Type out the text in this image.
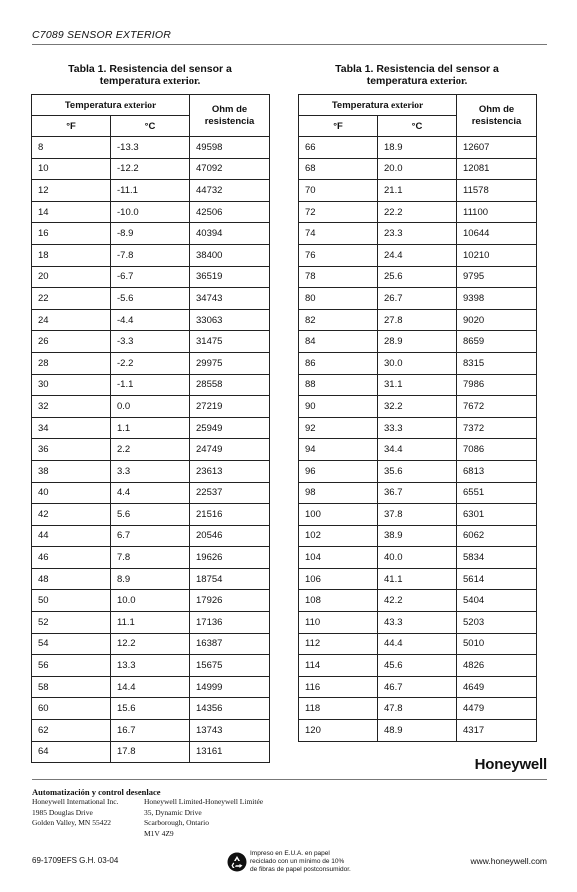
C7089 SENSOR EXTERIOR
Tabla 1. Resistencia del sensor a
temperatura exterior.
Temperatura exterior		Ohm de
resistencia

°F	°C	
8	-13.3	49598
10	-12.2	47092
12	-11.1	44732
14	-10.0	42506
16	-8.9	40394
18	-7.8	38400
20	-6.7	36519
22	-5.6	34743
24	-4.4	33063
26	-3.3	31475
28	-2.2	29975
30	-1.1	28558
32	0.0	27219
34	1.1	25949
36	2.2	24749
38	3.3	23613
40	4.4	22537
42	5.6	21516
44	6.7	20546
46	7.8	19626
48	8.9	18754
50	10.0	17926
52	11.1	17136
54	12.2	16387
56	13.3	15675
58	14.4	14999
60	15.6	14356
62	16.7	13743
64	17.8	13161
Tabla 1. Resistencia del sensor a
temperatura exterior.
Temperatura exterior		Ohm de
resistencia

°F	°C	
66	18.9	12607
68	20.0	12081
70	21.1	11578
72	22.2	11100
74	23.3	10644
76	24.4	10210
78	25.6	9795
80	26.7	9398
82	27.8	9020
84	28.9	8659
86	30.0	8315
88	31.1	7986
90	32.2	7672
92	33.3	7372
94	34.4	7086
96	35.6	6813
98	36.7	6551
100	37.8	6301
102	38.9	6062
104	40.0	5834
106	41.1	5614
108	42.2	5404
110	43.3	5203
112	44.4	5010
114	45.6	4826
116	46.7	4649
118	47.8	4479
120	48.9	4317
Honeywell
Automatización y control desenlace
Honeywell International Inc.
1985 Douglas Drive
Golden Valley, MN 55422
Honeywell Limited-Honeywell Limitée
35, Dynamic Drive
Scarborough, Ontario
M1V 4Z9
69-1709EFS G.H. 03-04
Impreso en E.U.A. en papel
reciclado con un mínimo de 10%
de fibras de papel postconsumidor.
www.honeywell.com
